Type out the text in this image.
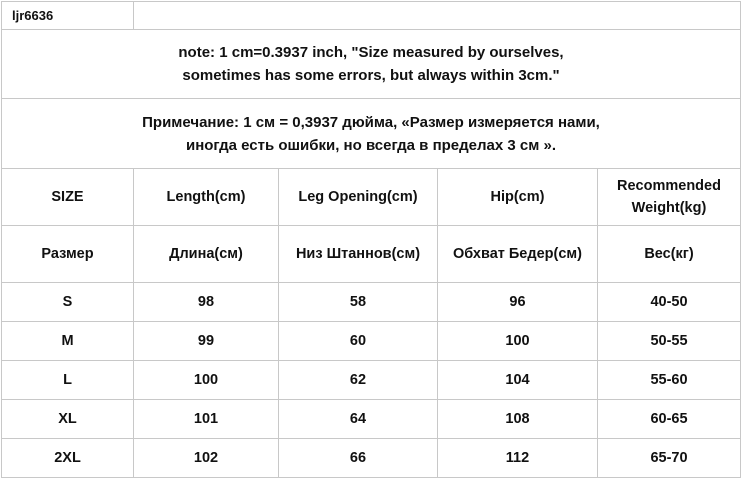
ljr6636				

note: 1 cm=0.3937 inch, "Size measured by ourselves,
sometimes has some errors, but always within 3cm."				

Примечание: 1 см = 0,3937 дюйма, «Размер измеряется нами,
иногда есть ошибки, но всегда в пределах 3 см ».				

SIZE	Length(cm)	Leg Opening(cm)	Hip(cm)	Recommended
Weight(kg)

Размер	Длина(см)	Низ Штаннов(см)	Обхват Бедер(см)	Вес(кг)
S	98	58	96	40-50
M	99	60	100	50-55
L	100	62	104	55-60
XL	101	64	108	60-65
2XL	102	66	112	65-70
